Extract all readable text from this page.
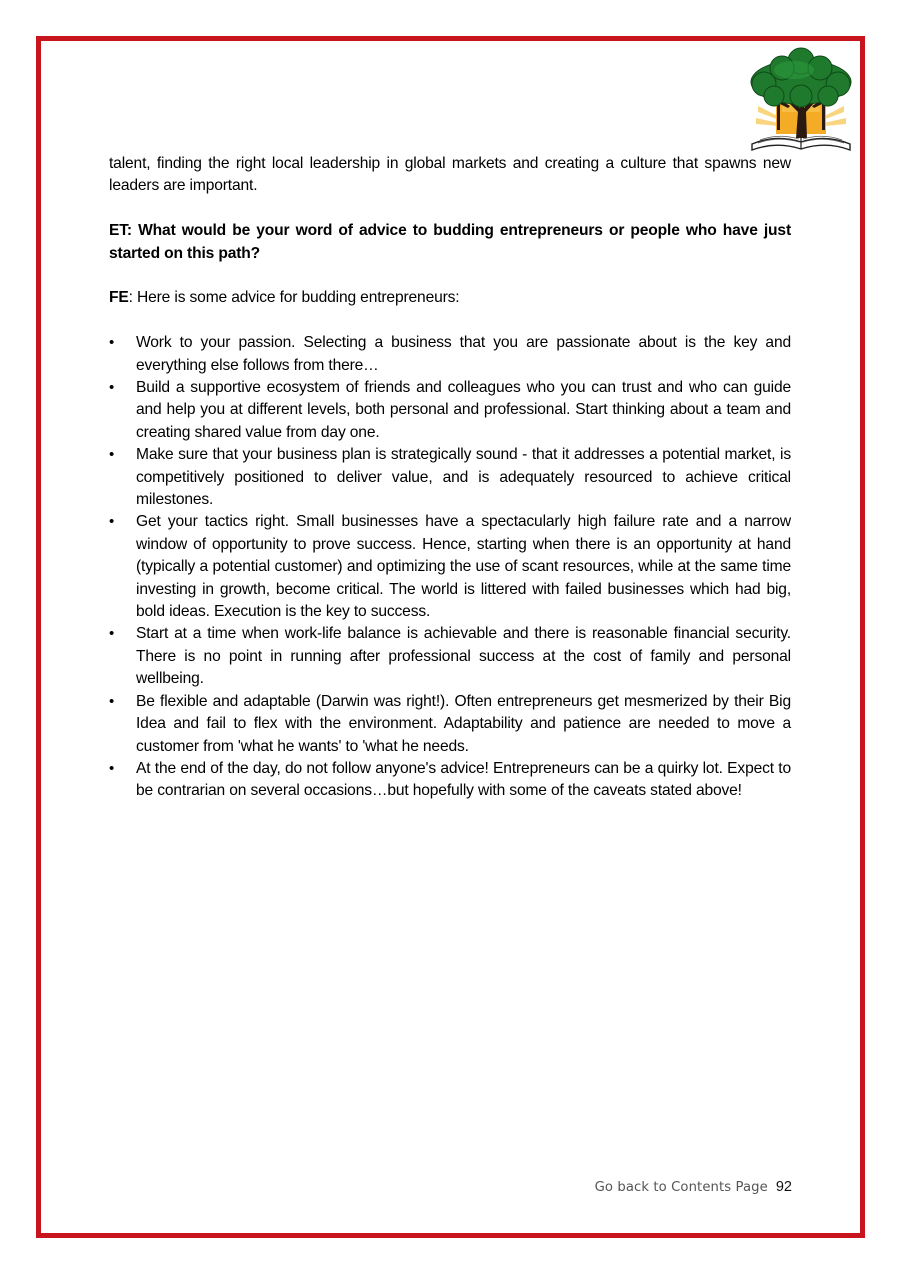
talent, finding the right local leadership in global markets and creating a culture that spawns new leaders are important.

ET: What would be your word of advice to budding entrepreneurs or people who have just started on this path?

FE: Here is some advice for budding entrepreneurs:

•	Work to your passion. Selecting a business that you are passionate about is the key and everything else follows from there…
•	Build a supportive ecosystem of friends and colleagues who you can trust and who can guide and help you at different levels, both personal and professional. Start thinking about a team and creating shared value from day one.
•	Make sure that your business plan is strategically sound - that it addresses a potential market, is competitively positioned to deliver value, and is adequately resourced to achieve critical milestones.
•	Get your tactics right. Small businesses have a spectacularly high failure rate and a narrow window of opportunity to prove success. Hence, starting when there is an opportunity at hand (typically a potential customer) and optimizing the use of scant resources, while at the same time investing in growth, become critical. The world is littered with failed businesses which had big, bold ideas. Execution is the key to success.
•	Start at a time when work-life balance is achievable and there is reasonable financial security. There is no point in running after professional success at the cost of family and personal wellbeing.
•	Be flexible and adaptable (Darwin was right!). Often entrepreneurs get mesmerized by their Big Idea and fail to flex with the environment. Adaptability and patience are needed to move a customer from 'what he wants' to 'what he needs.
•	At the end of the day, do not follow anyone's advice! Entrepreneurs can be a quirky lot. Expect to be contrarian on several occasions…but hopefully with some of the caveats stated above!
Go back to Contents Page 92
